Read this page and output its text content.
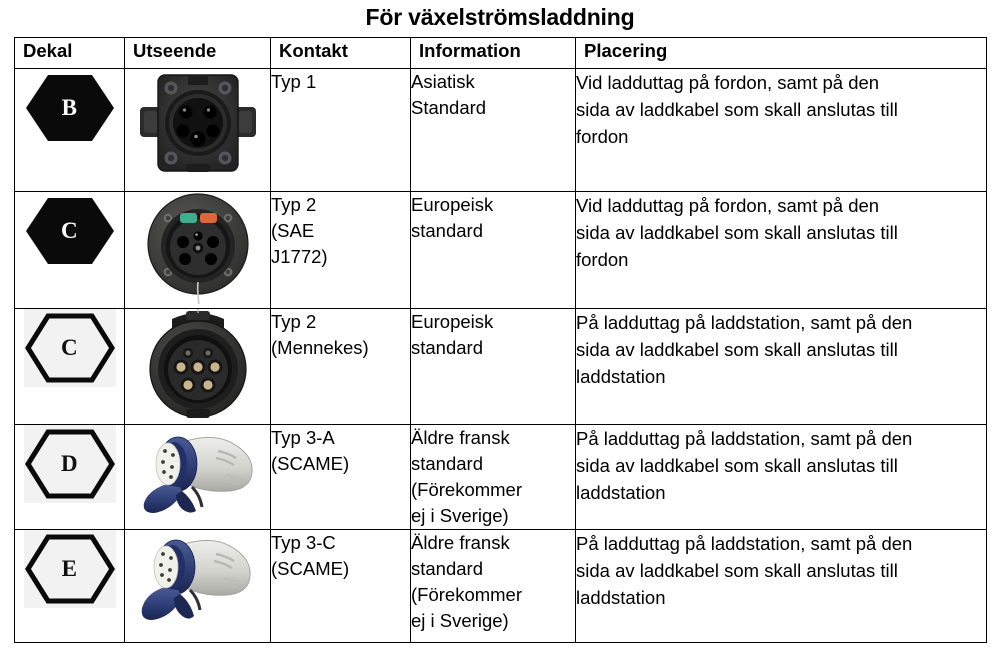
För växelströmsladdning
Dekal	Utseende	Kontakt	Information	Placering

B		Typ 1	Asiatisk
Standard	Vid ladduttag på fordon, samt på den
sida av laddkabel som skall anslutas till
fordon

C		Typ 2
(SAE
J1772)	Europeisk
standard	Vid ladduttag på fordon, samt på den
sida av laddkabel som skall anslutas till
fordon

C		Typ 2
(Mennekes)	Europeisk
standard	På ladduttag på laddstation, samt på den
sida av laddkabel som skall anslutas till
laddstation

D		Typ 3-A
(SCAME)	Äldre fransk
standard
(Förekommer
ej i Sverige)	På ladduttag på laddstation, samt på den
sida av laddkabel som skall anslutas till
laddstation

E		Typ 3-C
(SCAME)	Äldre fransk
standard
(Förekommer
ej i Sverige)	På ladduttag på laddstation, samt på den
sida av laddkabel som skall anslutas till
laddstation
